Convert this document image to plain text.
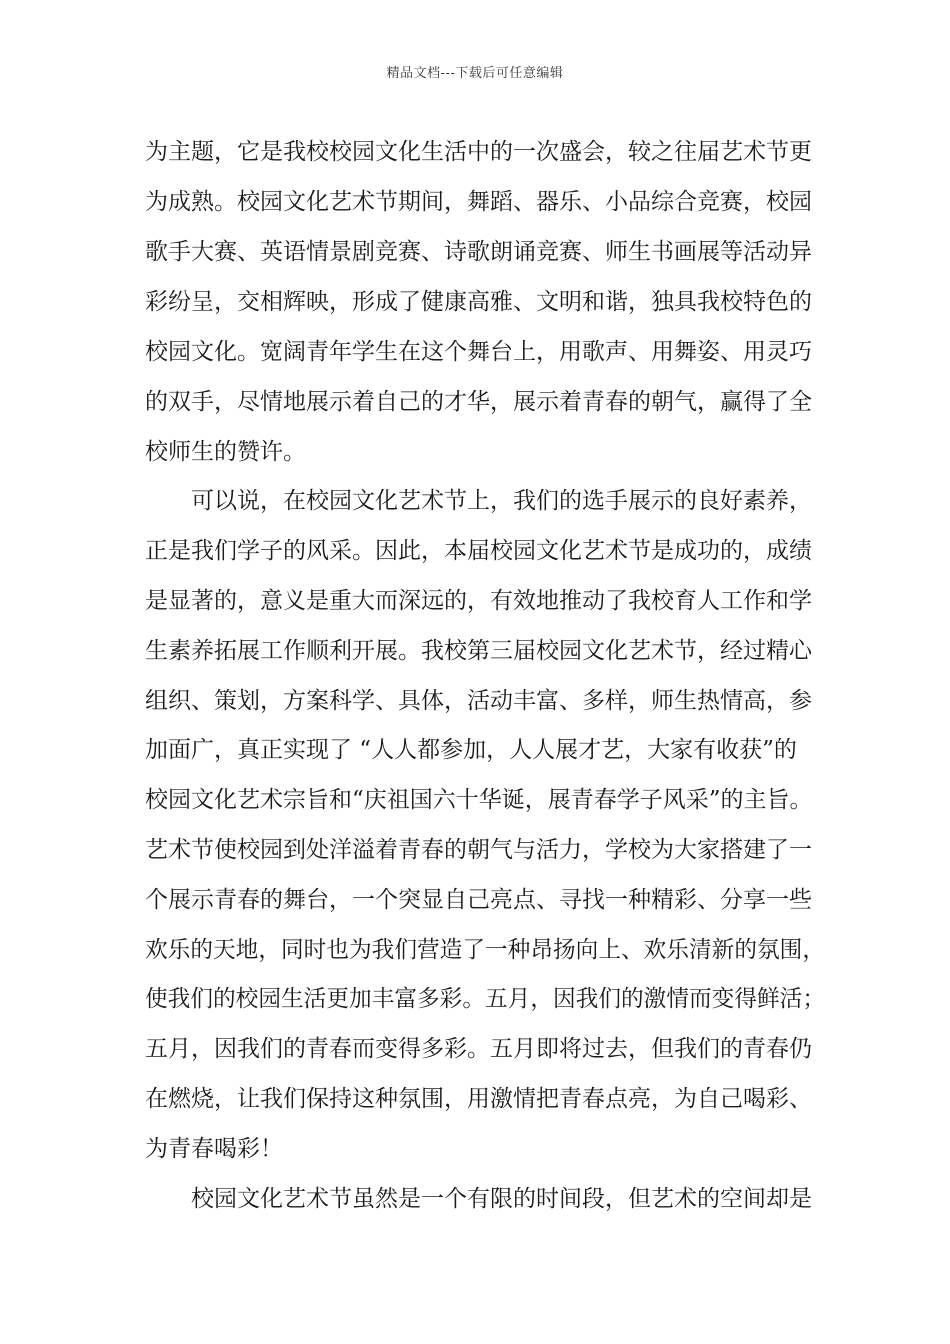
精品文档---下载后可任意编辑
为主题，它是我校校园文化生活中的一次盛会，较之往届艺术节更
为成熟。校园文化艺术节期间，舞蹈、器乐、小品综合竞赛，校园
歌手大赛、英语情景剧竞赛、诗歌朗诵竞赛、师生书画展等活动异
彩纷呈，交相辉映，形成了健康高雅、文明和谐，独具我校特色的
校园文化。宽阔青年学生在这个舞台上，用歌声、用舞姿、用灵巧
的双手，尽情地展示着自己的才华，展示着青春的朝气，赢得了全
校师生的赞许。
　　可以说，在校园文化艺术节上，我们的选手展示的良好素养，
正是我们学子的风采。因此，本届校园文化艺术节是成功的，成绩
是显著的，意义是重大而深远的，有效地推动了我校育人工作和学
生素养拓展工作顺利开展。我校第三届校园文化艺术节，经过精心
组织、策划，方案科学、具体，活动丰富、多样，师生热情高，参
加面广，真正实现了 “人人都参加，人人展才艺，大家有收获”的
校园文化艺术宗旨和“庆祖国六十华诞，展青春学子风采”的主旨。
艺术节使校园到处洋溢着青春的朝气与活力，学校为大家搭建了一
个展示青春的舞台，一个突显自己亮点、寻找一种精彩、分享一些
欢乐的天地，同时也为我们营造了一种昂扬向上、欢乐清新的氛围，
使我们的校园生活更加丰富多彩。五月，因我们的激情而变得鲜活；
五月，因我们的青春而变得多彩。五月即将过去，但我们的青春仍
在燃烧，让我们保持这种氛围，用激情把青春点亮，为自己喝彩、
为青春喝彩！
　　校园文化艺术节虽然是一个有限的时间段，但艺术的空间却是
